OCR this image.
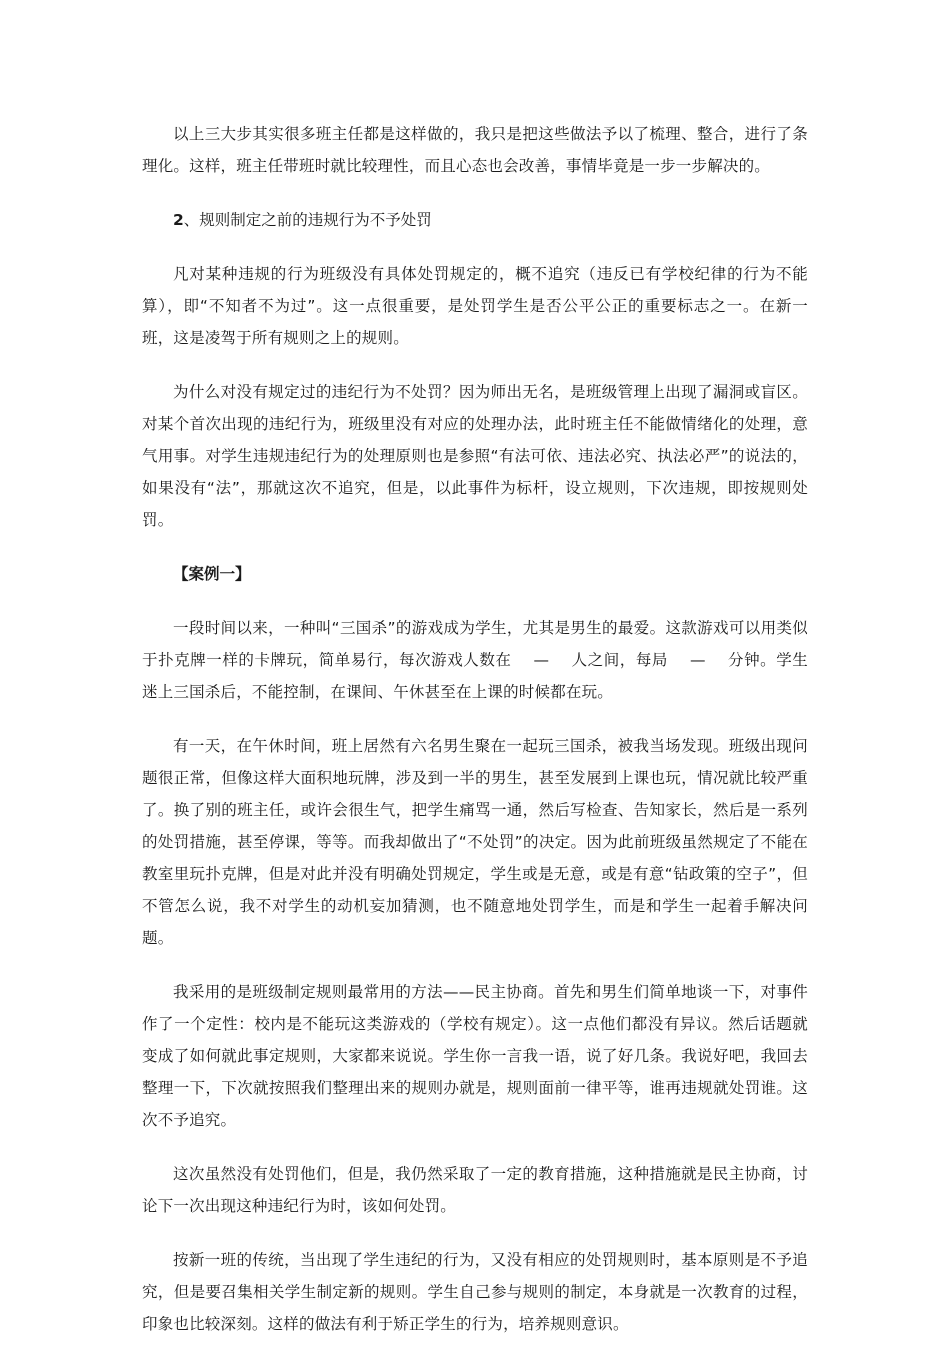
以上三大步其实很多班主任都是这样做的，我只是把这些做法予以了梳理、整合，进行了条理化。这样，班主任带班时就比较理性，而且心态也会改善，事情毕竟是一步一步解决的。

2、规则制定之前的违规行为不予处罚

凡对某种违规的行为班级没有具体处罚规定的，概不追究（违反已有学校纪律的行为不能算），即“不知者不为过”。这一点很重要，是处罚学生是否公平公正的重要标志之一。在新一班，这是凌驾于所有规则之上的规则。

为什么对没有规定过的违纪行为不处罚？因为师出无名，是班级管理上出现了漏洞或盲区。对某个首次出现的违纪行为，班级里没有对应的处理办法，此时班主任不能做情绪化的处理，意气用事。对学生违规违纪行为的处理原则也是参照“有法可依、违法必究、执法必严”的说法的，如果没有“法”，那就这次不追究，但是，以此事件为标杆，设立规则，下次违规，即按规则处罚。

【案例一】

一段时间以来，一种叫“三国杀”的游戏成为学生，尤其是男生的最爱。这款游戏可以用类似于扑克牌一样的卡牌玩，简单易行，每次游戏人数在 — 人之间，每局 — 分钟。学生迷上三国杀后，不能控制，在课间、午休甚至在上课的时候都在玩。

有一天，在午休时间，班上居然有六名男生聚在一起玩三国杀，被我当场发现。班级出现问题很正常，但像这样大面积地玩牌，涉及到一半的男生，甚至发展到上课也玩，情况就比较严重了。换了别的班主任，或许会很生气，把学生痛骂一通，然后写检查、告知家长，然后是一系列的处罚措施，甚至停课，等等。而我却做出了“不处罚”的决定。因为此前班级虽然规定了不能在教室里玩扑克牌，但是对此并没有明确处罚规定，学生或是无意，或是有意“钻政策的空子”，但不管怎么说，我不对学生的动机妄加猜测，也不随意地处罚学生，而是和学生一起着手解决问题。

我采用的是班级制定规则最常用的方法——民主协商。首先和男生们简单地谈一下，对事件作了一个定性：校内是不能玩这类游戏的（学校有规定）。这一点他们都没有异议。然后话题就变成了如何就此事定规则，大家都来说说。学生你一言我一语，说了好几条。我说好吧，我回去整理一下，下次就按照我们整理出来的规则办就是，规则面前一律平等，谁再违规就处罚谁。这次不予追究。

这次虽然没有处罚他们，但是，我仍然采取了一定的教育措施，这种措施就是民主协商，讨论下一次出现这种违纪行为时，该如何处罚。

按新一班的传统，当出现了学生违纪的行为，又没有相应的处罚规则时，基本原则是不予追究，但是要召集相关学生制定新的规则。学生自己参与规则的制定，本身就是一次教育的过程，印象也比较深刻。这样的做法有利于矫正学生的行为，培养规则意识。
